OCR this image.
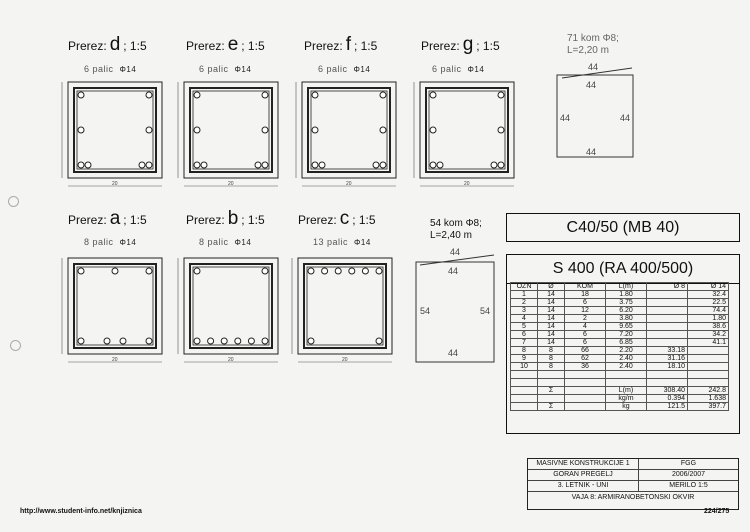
Prerez: d ; 1:5	Prerez: e ; 1:5	Prerez: f ; 1:5	Prerez: g ; 1:5
6 palic Φ14	6 palic Φ14	6 palic Φ14	6 palic Φ14
Prerez: a ; 1:5	Prerez: b ; 1:5	Prerez: c ; 1:5
8 palic Φ14	8 palic Φ14	13 palic Φ14
20	20	20	20
20	20	20
71 kom Φ8;
L=2,20 m
54 kom Φ8;
L=2,40 m
44
44
44	44
44
44
44
54	54
44
C40/50 (MB 40)
S 400 (RA 400/500)
OZN	Ø	KOM	L(m)	Ø 8	Ø 14
1	14	18	1.80		32.4
2	14	6	3.75		22.5
3	14	12	6.20		74.4
4	14	2	3.80		1.80
5	14	4	9.65		38.6
6	14	6	7.20		34.2
7	14	6	6.85		41.1
8	8	66	2.20	33.18	
9	8	62	2.40	31.16	
10	8	36	2.40	18.10	

	Σ		L(m)	308.40	242.8
			kg/m	0.394	1.638
	Σ		kg	121.5	397.7
MASIVNE KONSTRUKCIJE 1	FGG
GORAN PREGELJ	2006/2007
3. LETNIK - UNI	MERILO 1:5
VAJA 8: ARMIRANOBETONSKI OKVIR
http://www.student-info.net/knjiznica	224/275
